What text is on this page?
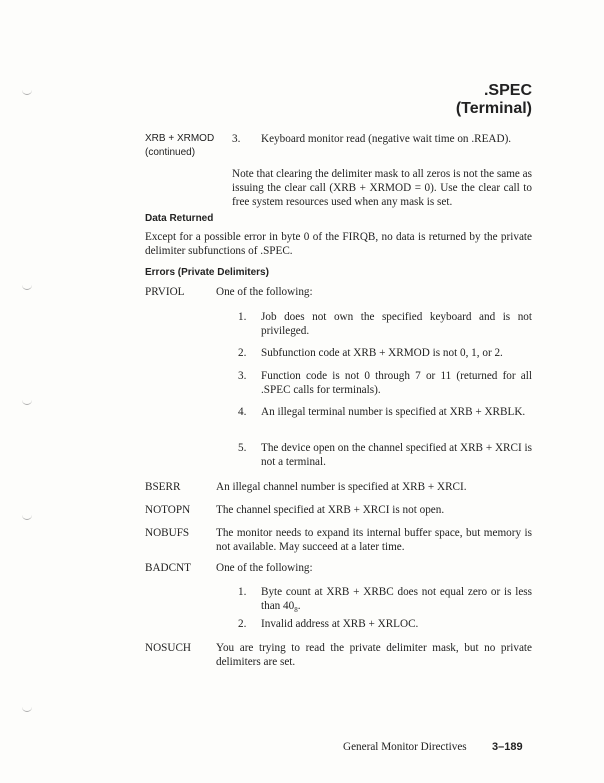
.SPEC
(Terminal)
XRB + XRMOD
(continued)
3. Keyboard monitor read (negative wait time on .READ).
Note that clearing the delimiter mask to all zeros is not the same as issuing the clear call (XRB + XRMOD = 0). Use the clear call to free system resources used when any mask is set.
Data Returned
Except for a possible error in byte 0 of the FIRQB, no data is returned by the private delimiter subfunctions of .SPEC.
Errors (Private Delimiters)
PRVIOL	One of the following:
1.	Job does not own the specified keyboard and is not privileged.
2.	Subfunction code at XRB + XRMOD is not 0, 1, or 2.
3.	Function code is not 0 through 7 or 11 (returned for all .SPEC calls for terminals).
4.	An illegal terminal number is specified at XRB + XRBLK.
5.	The device open on the channel specified at XRB + XRCI is not a terminal.
BSERR	An illegal channel number is specified at XRB + XRCI.
NOTOPN The channel specified at XRB + XRCI is not open.
NOBUFS The monitor needs to expand its internal buffer space, but memory is not available. May succeed at a later time.
BADCNT One of the following:
1.	Byte count at XRB + XRBC does not equal zero or is less than $40_8$.
2.	Invalid address at XRB + XRLOC.
NOSUCH You are trying to read the private delimiter mask, but no private delimiters are set.
General Monitor Directives 3–189
